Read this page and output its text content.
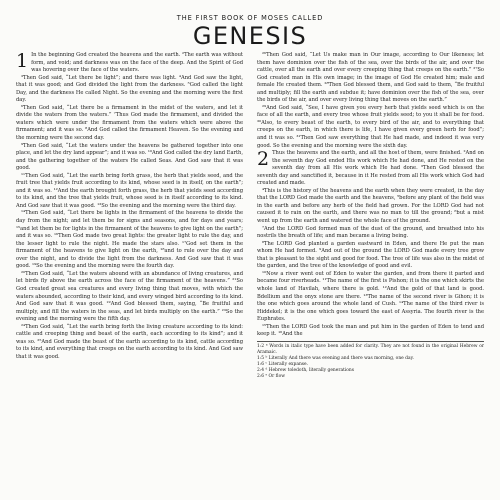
THE FIRST BOOK OF MOSES CALLED
GENESIS
1 In the beginning God created the heavens and the earth. ²The earth was without form, and void; and darkness was on the face of the deep. And the Spirit of God was hovering over the face of the waters.
³Then God said, “Let there be light”; and there was light. ⁴And God saw the light, that it was good; and God divided the light from the darkness. ⁵God called the light Day, and the darkness He called Night. So the evening and the morning were the first day.
⁶Then God said, “Let there be a firmament in the midst of the waters, and let it divide the waters from the waters.” ⁷Thus God made the firmament, and divided the waters which were under the firmament from the waters which were above the firmament; and it was so. ⁸And God called the firmament Heaven. So the evening and the morning were the second day.
⁹Then God said, “Let the waters under the heavens be gathered together into one place, and let the dry land appear”; and it was so. ¹⁰And God called the dry land Earth, and the gathering together of the waters He called Seas. And God saw that it was good.
¹¹Then God said, “Let the earth bring forth grass, the herb that yields seed, and the fruit tree that yields fruit according to its kind, whose seed is in itself, on the earth”; and it was so. ¹²And the earth brought forth grass, the herb that yields seed according to its kind, and the tree that yields fruit, whose seed is in itself according to its kind. And God saw that it was good. ¹³So the evening and the morning were the third day.
¹⁴Then God said, “Let there be lights in the firmament of the heavens to divide the day from the night; and let them be for signs and seasons, and for days and years; ¹⁵and let them be for lights in the firmament of the heavens to give light on the earth”; and it was so. ¹⁶Then God made two great lights: the greater light to rule the day, and the lesser light to rule the night. He made the stars also. ¹⁷God set them in the firmament of the heavens to give light on the earth, ¹⁸and to rule over the day and over the night, and to divide the light from the darkness. And God saw that it was good. ¹⁹So the evening and the morning were the fourth day.
²⁰Then God said, “Let the waters abound with an abundance of living creatures, and let birds fly above the earth across the face of the firmament of the heavens.” ²¹So God created great sea creatures and every living thing that moves, with which the waters abounded, according to their kind, and every winged bird according to its kind. And God saw that it was good. ²²And God blessed them, saying, “Be fruitful and multiply, and fill the waters in the seas, and let birds multiply on the earth.” ²³So the evening and the morning were the fifth day.
²⁴Then God said, “Let the earth bring forth the living creature according to its kind: cattle and creeping thing and beast of the earth, each according to its kind”; and it was so. ²⁵And God made the beast of the earth according to its kind, cattle according to its kind, and everything that creeps on the earth according to its kind. And God saw that it was good.
²⁶Then God said, “Let Us make man in Our image, according to Our likeness; let them have dominion over the fish of the sea, over the birds of the air, and over the cattle, over all the earth and over every creeping thing that creeps on the earth.” ²⁷So God created man in His own image; in the image of God He created him; male and female He created them. ²⁸Then God blessed them, and God said to them, “Be fruitful and multiply; fill the earth and subdue it; have dominion over the fish of the sea, over the birds of the air, and over every living thing that moves on the earth.”
²⁹And God said, “See, I have given you every herb that yields seed which is on the face of all the earth, and every tree whose fruit yields seed; to you it shall be for food. ³⁰Also, to every beast of the earth, to every bird of the air, and to everything that creeps on the earth, in which there is life, I have given every green herb for food”; and it was so. ³¹Then God saw everything that He had made, and indeed it was very good. So the evening and the morning were the sixth day.
2 Thus the heavens and the earth, and all the host of them, were finished. ²And on the seventh day God ended His work which He had done, and He rested on the seventh day from all His work which He had done. ³Then God blessed the seventh day and sanctified it, because in it He rested from all His work which God had created and made.
⁴This is the history of the heavens and the earth when they were created, in the day that the LORD God made the earth and the heavens, ⁵before any plant of the field was in the earth and before any herb of the field had grown. For the LORD God had not caused it to rain on the earth, and there was no man to till the ground; ⁶but a mist went up from the earth and watered the whole face of the ground.
⁷And the LORD God formed man of the dust of the ground, and breathed into his nostrils the breath of life; and man became a living being.
⁸The LORD God planted a garden eastward in Eden, and there He put the man whom He had formed. ⁹And out of the ground the LORD God made every tree grow that is pleasant to the sight and good for food. The tree of life was also in the midst of the garden, and the tree of the knowledge of good and evil.
¹⁰Now a river went out of Eden to water the garden, and from there it parted and became four riverheads. ¹¹The name of the first is Pishon; it is the one which skirts the whole land of Havilah, where there is gold. ¹²And the gold of that land is good. Bdellium and the onyx stone are there. ¹³The name of the second river is Gihon; it is the one which goes around the whole land of Cush. ¹⁴The name of the third river is Hiddekel; it is the one which goes toward the east of Assyria. The fourth river is the Euphrates.
¹⁵Then the LORD God took the man and put him in the garden of Eden to tend and keep it. ¹⁶And the
1:2 ᵃ Words in italic type have been added for clarity. They are not found in the original Hebrew or Aramaic.
1:5 ᵇ Literally And there was evening and there was morning, one day.
1:6 ᶜ Literally expanse.
2:4 ᵈ Hebrew toledoth, literally generations
2:6 ᵉ Or flow
